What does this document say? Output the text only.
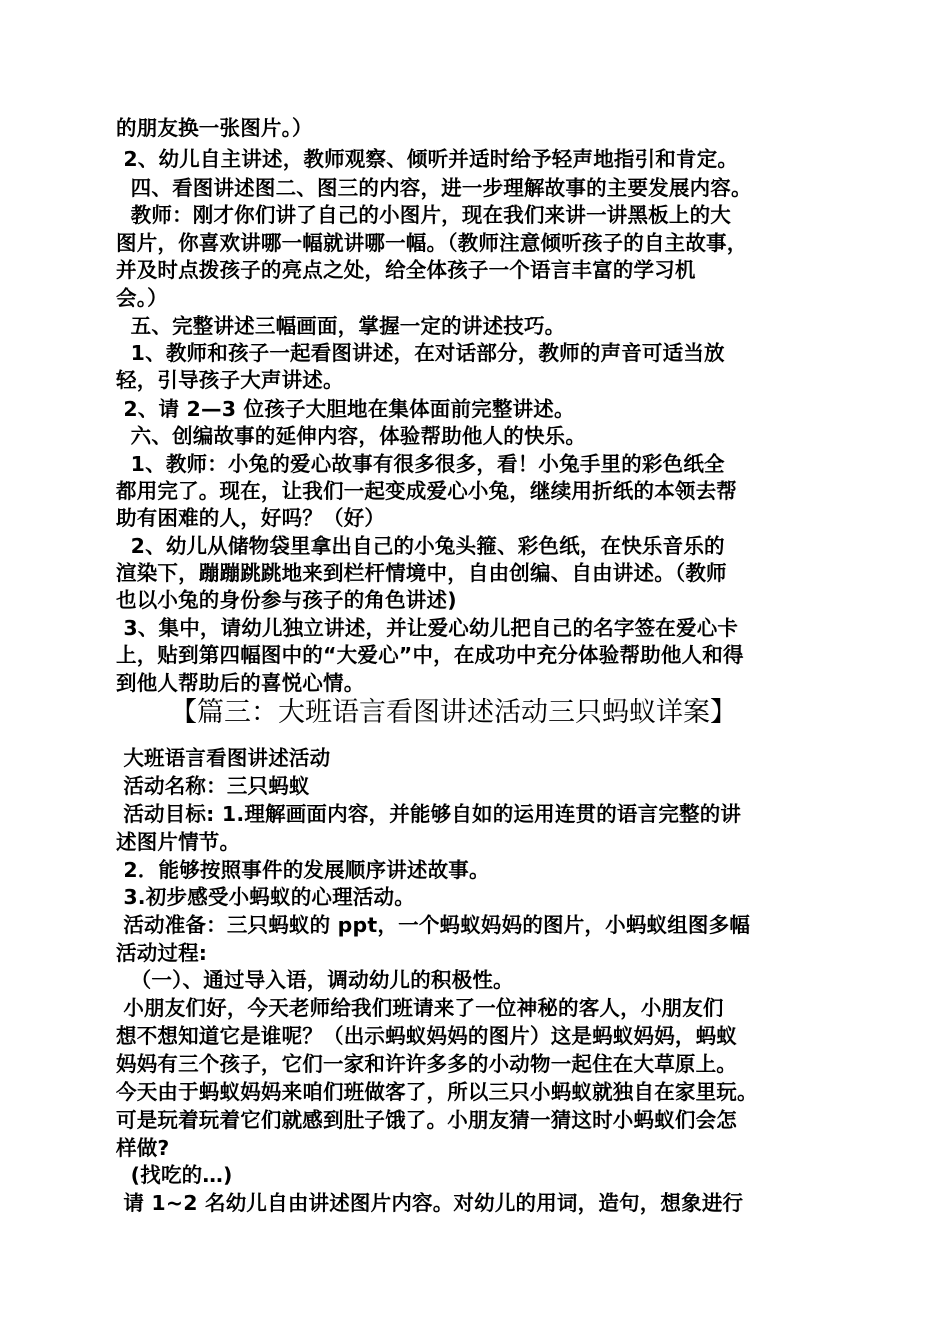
的朋友换一张图片。）
2、幼儿自主讲述，教师观察、倾听并适时给予轻声地指引和肯定。
四、看图讲述图二、图三的内容，进一步理解故事的主要发展内容。
教师：刚才你们讲了自己的小图片，现在我们来讲一讲黑板上的大
图片，你喜欢讲哪一幅就讲哪一幅。（教师注意倾听孩子的自主故事，
并及时点拨孩子的亮点之处，给全体孩子一个语言丰富的学习机
会。）
五、完整讲述三幅画面，掌握一定的讲述技巧。
1、教师和孩子一起看图讲述，在对话部分，教师的声音可适当放
轻，引导孩子大声讲述。
2、请 2—3 位孩子大胆地在集体面前完整讲述。
六、创编故事的延伸内容，体验帮助他人的快乐。
1、教师：小兔的爱心故事有很多很多，看！小兔手里的彩色纸全
都用完了。现在，让我们一起变成爱心小兔，继续用折纸的本领去帮
助有困难的人，好吗？（好）
2、幼儿从储物袋里拿出自己的小兔头箍、彩色纸，在快乐音乐的
渲染下，蹦蹦跳跳地来到栏杆情境中，自由创编、自由讲述。（教师
也以小兔的身份参与孩子的角色讲述)
3、集中，请幼儿独立讲述，并让爱心幼儿把自己的名字签在爱心卡
上，贴到第四幅图中的“大爱心”中，在成功中充分体验帮助他人和得
到他人帮助后的喜悦心情。
【篇三：大班语言看图讲述活动三只蚂蚁详案】
大班语言看图讲述活动
活动名称：三只蚂蚁
活动目标: 1.理解画面内容，并能够自如的运用连贯的语言完整的讲
述图片情节。
2．能够按照事件的发展顺序讲述故事。
3.初步感受小蚂蚁的心理活动。
活动准备：三只蚂蚁的 ppt，一个蚂蚁妈妈的图片，小蚂蚁组图多幅
活动过程:
（一）、通过导入语，调动幼儿的积极性。
小朋友们好，今天老师给我们班请来了一位神秘的客人，小朋友们
想不想知道它是谁呢？（出示蚂蚁妈妈的图片）这是蚂蚁妈妈，蚂蚁
妈妈有三个孩子，它们一家和许许多多的小动物一起住在大草原上。
今天由于蚂蚁妈妈来咱们班做客了，所以三只小蚂蚁就独自在家里玩。
可是玩着玩着它们就感到肚子饿了。小朋友猜一猜这时小蚂蚁们会怎
样做?
(找吃的…)
请 1~2 名幼儿自由讲述图片内容。对幼儿的用词，造句，想象进行
